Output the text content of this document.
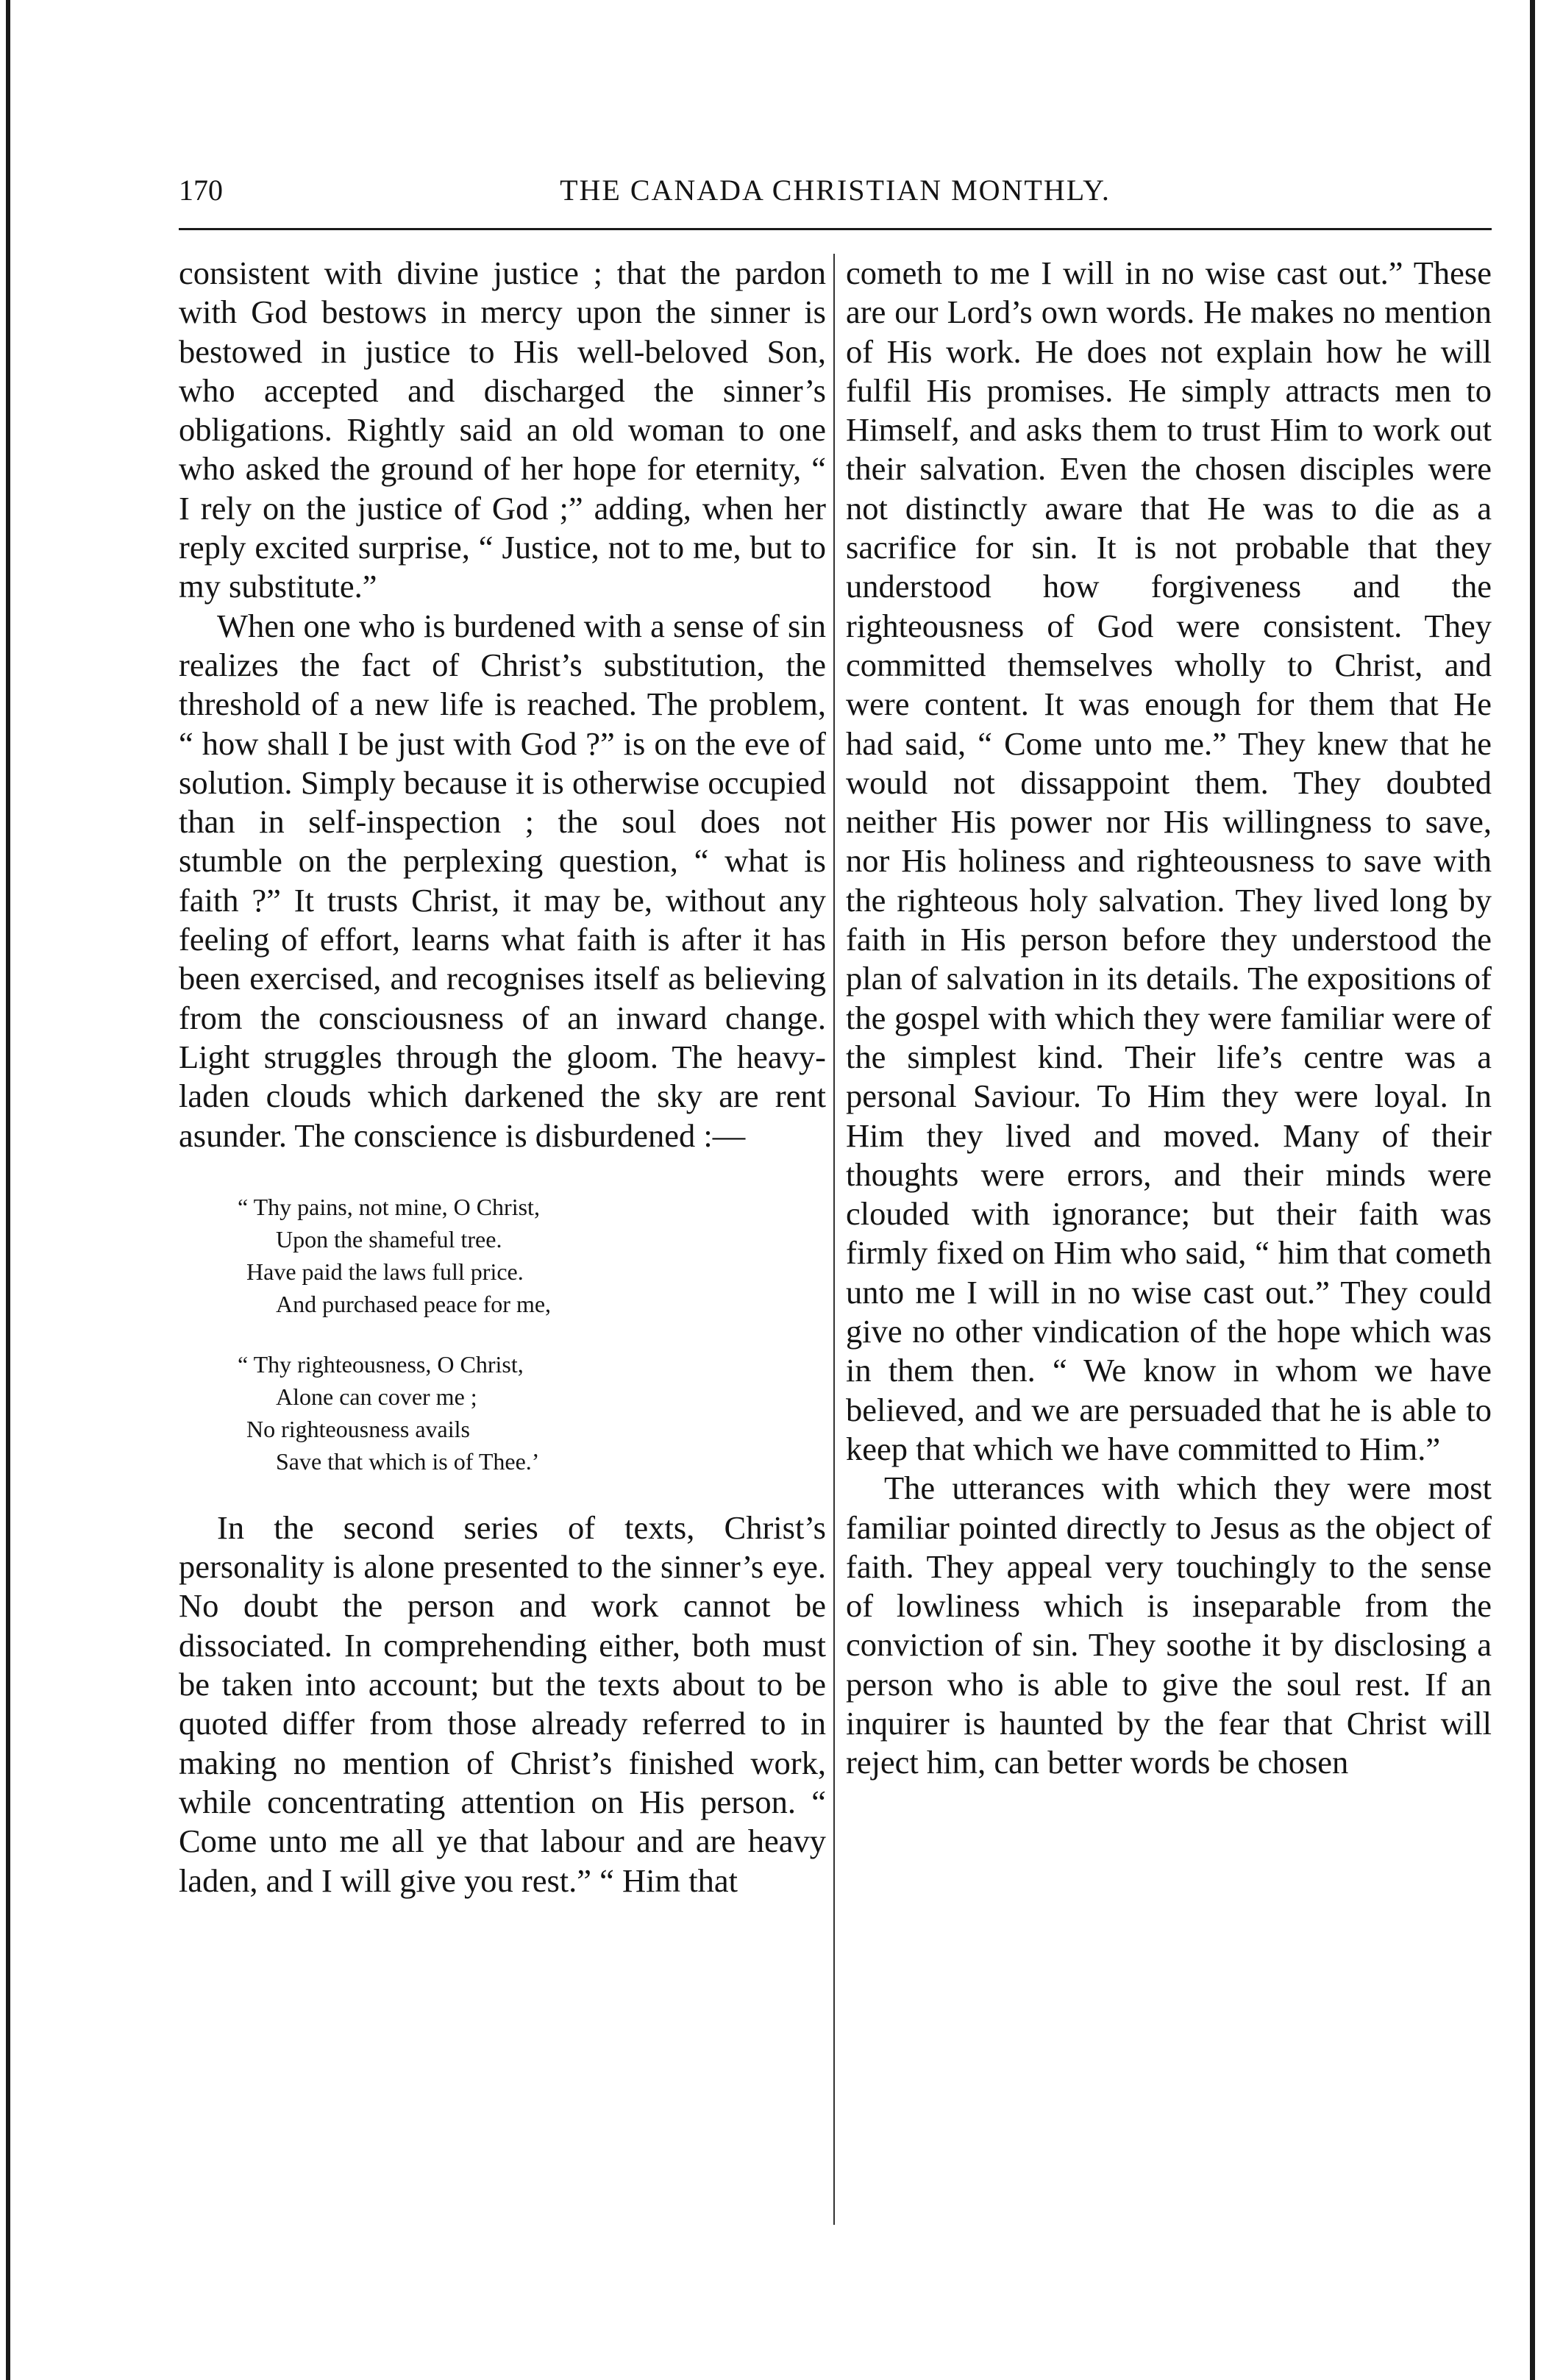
170	THE CANADA CHRISTIAN MONTHLY.

consistent with divine justice ; that the pardon with God bestows in mercy upon the sinner is bestowed in justice to His well-beloved Son, who accepted and discharged the sinner’s obligations. Rightly said an old woman to one who asked the ground of her hope for eternity, “ I rely on the justice of God ;” adding, when her reply excited surprise, “ Justice, not to me, but to my substitute.”

When one who is burdened with a sense of sin realizes the fact of Christ’s substitution, the threshold of a new life is reached. The problem, “ how shall I be just with God ?” is on the eve of solution. Simply because it is otherwise occupied than in self-inspection ; the soul does not stumble on the perplexing question, “ what is faith ?” It trusts Christ, it may be, without any feeling of effort, learns what faith is after it has been exercised, and recognises itself as believing from the consciousness of an inward change. Light struggles through the gloom. The heavy-laden clouds which darkened the sky are rent asunder. The conscience is disburdened :—

“ Thy pains, not mine, O Christ,
Upon the shameful tree.
Have paid the laws full price.
And purchased peace for me,
“ Thy righteousness, O Christ,
Alone can cover me ;
No righteousness avails
Save that which is of Thee.’

In the second series of texts, Christ’s personality is alone presented to the sinner’s eye. No doubt the person and work cannot be dissociated. In comprehending either, both must be taken into account; but the texts about to be quoted differ from those already referred to in making no mention of Christ’s finished work, while concentrating attention on His person. “ Come unto me all ye that labour and are heavy laden, and I will give you rest.” “ Him that

cometh to me I will in no wise cast out.” These are our Lord’s own words. He makes no mention of His work. He does not explain how he will fulfil His promises. He simply attracts men to Himself, and asks them to trust Him to work out their salvation. Even the chosen disciples were not distinctly aware that He was to die as a sacrifice for sin. It is not probable that they understood how forgiveness and the righteousness of God were consistent. They committed themselves wholly to Christ, and were content. It was enough for them that He had said, “ Come unto me.” They knew that he would not dissappoint them. They doubted neither His power nor His willingness to save, nor His holiness and righteousness to save with the righteous holy salvation. They lived long by faith in His person before they understood the plan of salvation in its details. The expositions of the gospel with which they were familiar were of the simplest kind. Their life’s centre was a personal Saviour. To Him they were loyal. In Him they lived and moved. Many of their thoughts were errors, and their minds were clouded with ignorance; but their faith was firmly fixed on Him who said, “ him that cometh unto me I will in no wise cast out.” They could give no other vindication of the hope which was in them then. “ We know in whom we have believed, and we are persuaded that he is able to keep that which we have committed to Him.”

The utterances with which they were most familiar pointed directly to Jesus as the object of faith. They appeal very touchingly to the sense of lowliness which is inseparable from the conviction of sin. They soothe it by disclosing a person who is able to give the soul rest. If an inquirer is haunted by the fear that Christ will reject him, can better words be chosen
